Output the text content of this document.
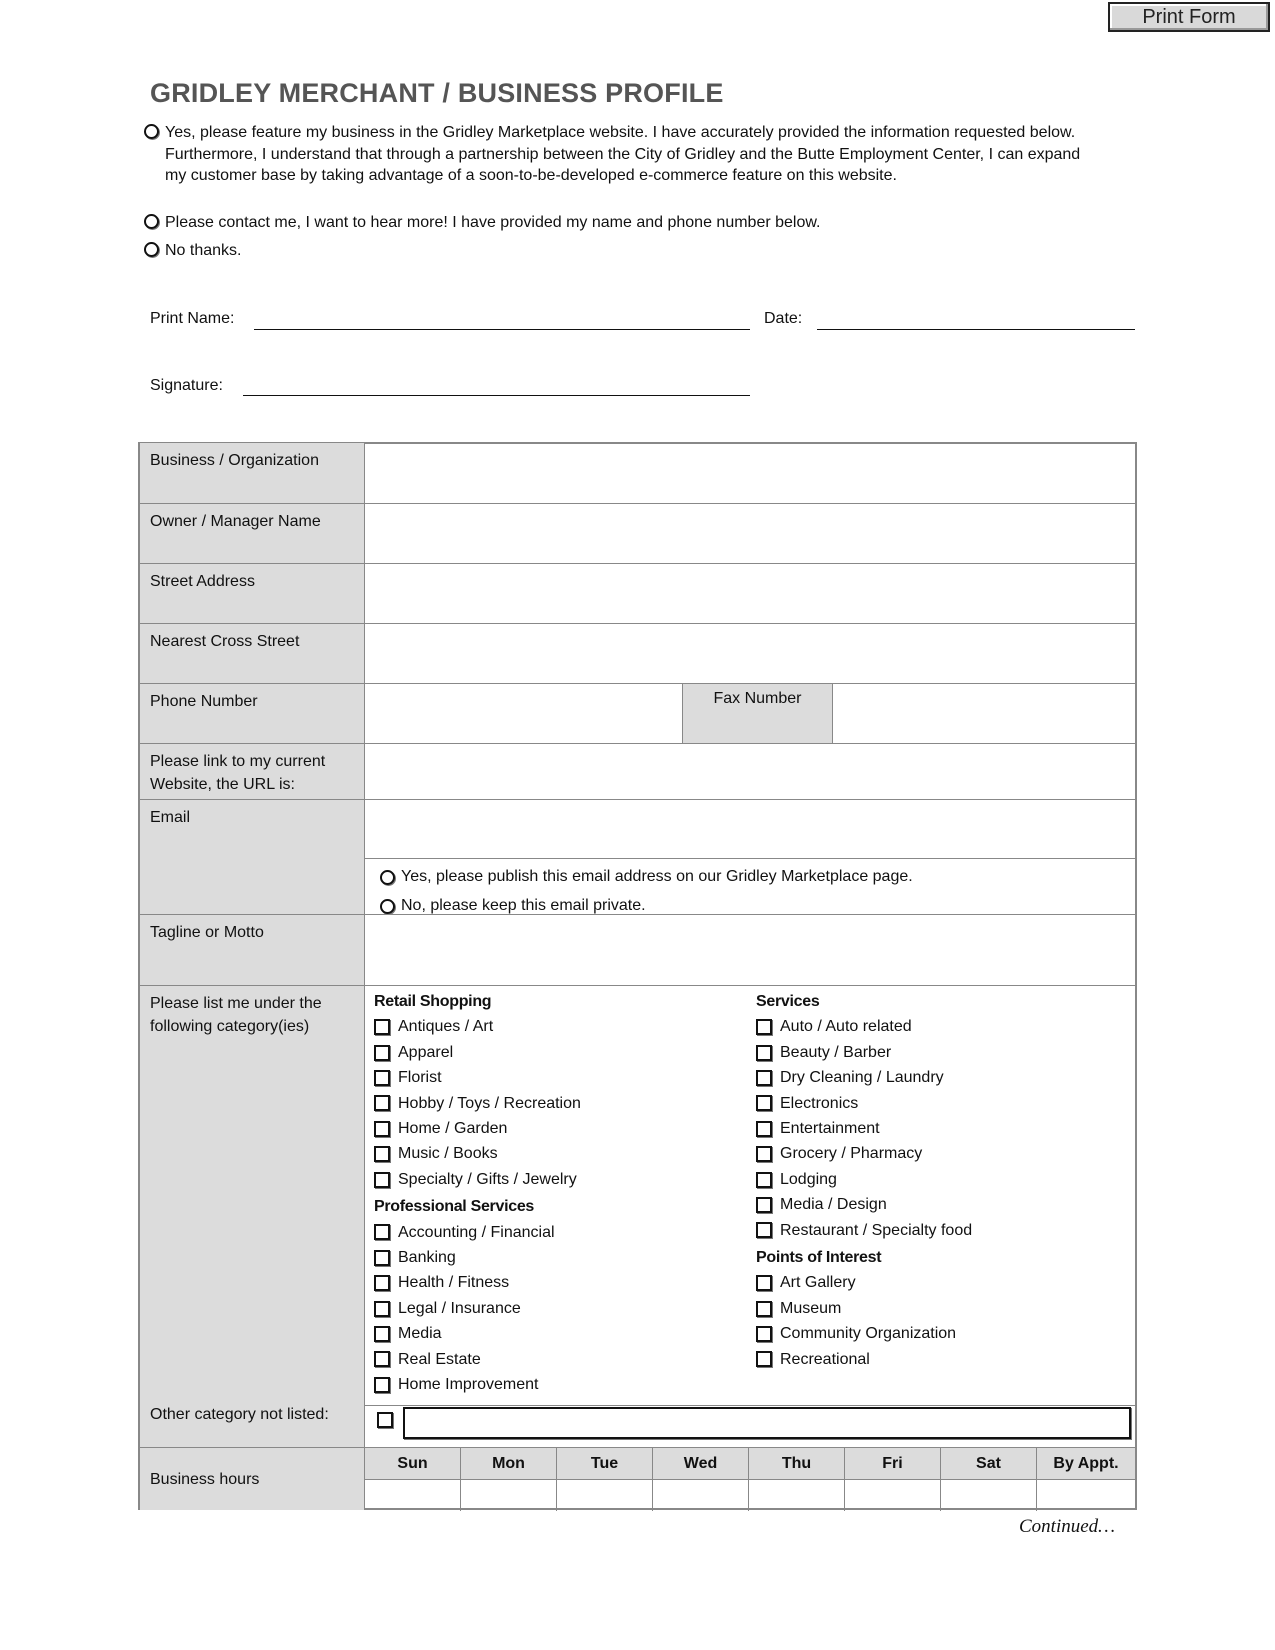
Print Form
GRIDLEY MERCHANT / BUSINESS PROFILE
Yes, please feature my business in the Gridley Marketplace website. I have accurately provided the information requested below. Furthermore, I understand that through a partnership between the City of Gridley and the Butte Employment Center, I can expand my customer base by taking advantage of a soon-to-be-developed e-commerce feature on this website.
Please contact me, I want to hear more! I have provided my name and phone number below.
No thanks.
Print Name:	Date:
Signature:
Business / Organization
Owner / Manager Name
Street Address
Nearest Cross Street
Phone Number	Fax Number
Please link to my current Website, the URL is:
Email
Yes, please publish this email address on our Gridley Marketplace page.
No, please keep this email private.
Tagline or Motto
Please list me under the following category(ies)
Other category not listed:
Retail Shopping
Antiques / Art
Apparel
Florist
Hobby / Toys / Recreation
Home / Garden
Music / Books
Specialty / Gifts / Jewelry
Professional Services
Accounting / Financial
Banking
Health / Fitness
Legal / Insurance
Media
Real Estate
Home Improvement
Services
Auto / Auto related
Beauty / Barber
Dry Cleaning / Laundry
Electronics
Entertainment
Grocery / Pharmacy
Lodging
Media / Design
Restaurant / Specialty food
Points of Interest
Art Gallery
Museum
Community Organization
Recreational
Business hours
Sun	Mon	Tue	Wed	Thu	Fri	Sat	By Appt.
Continued…
